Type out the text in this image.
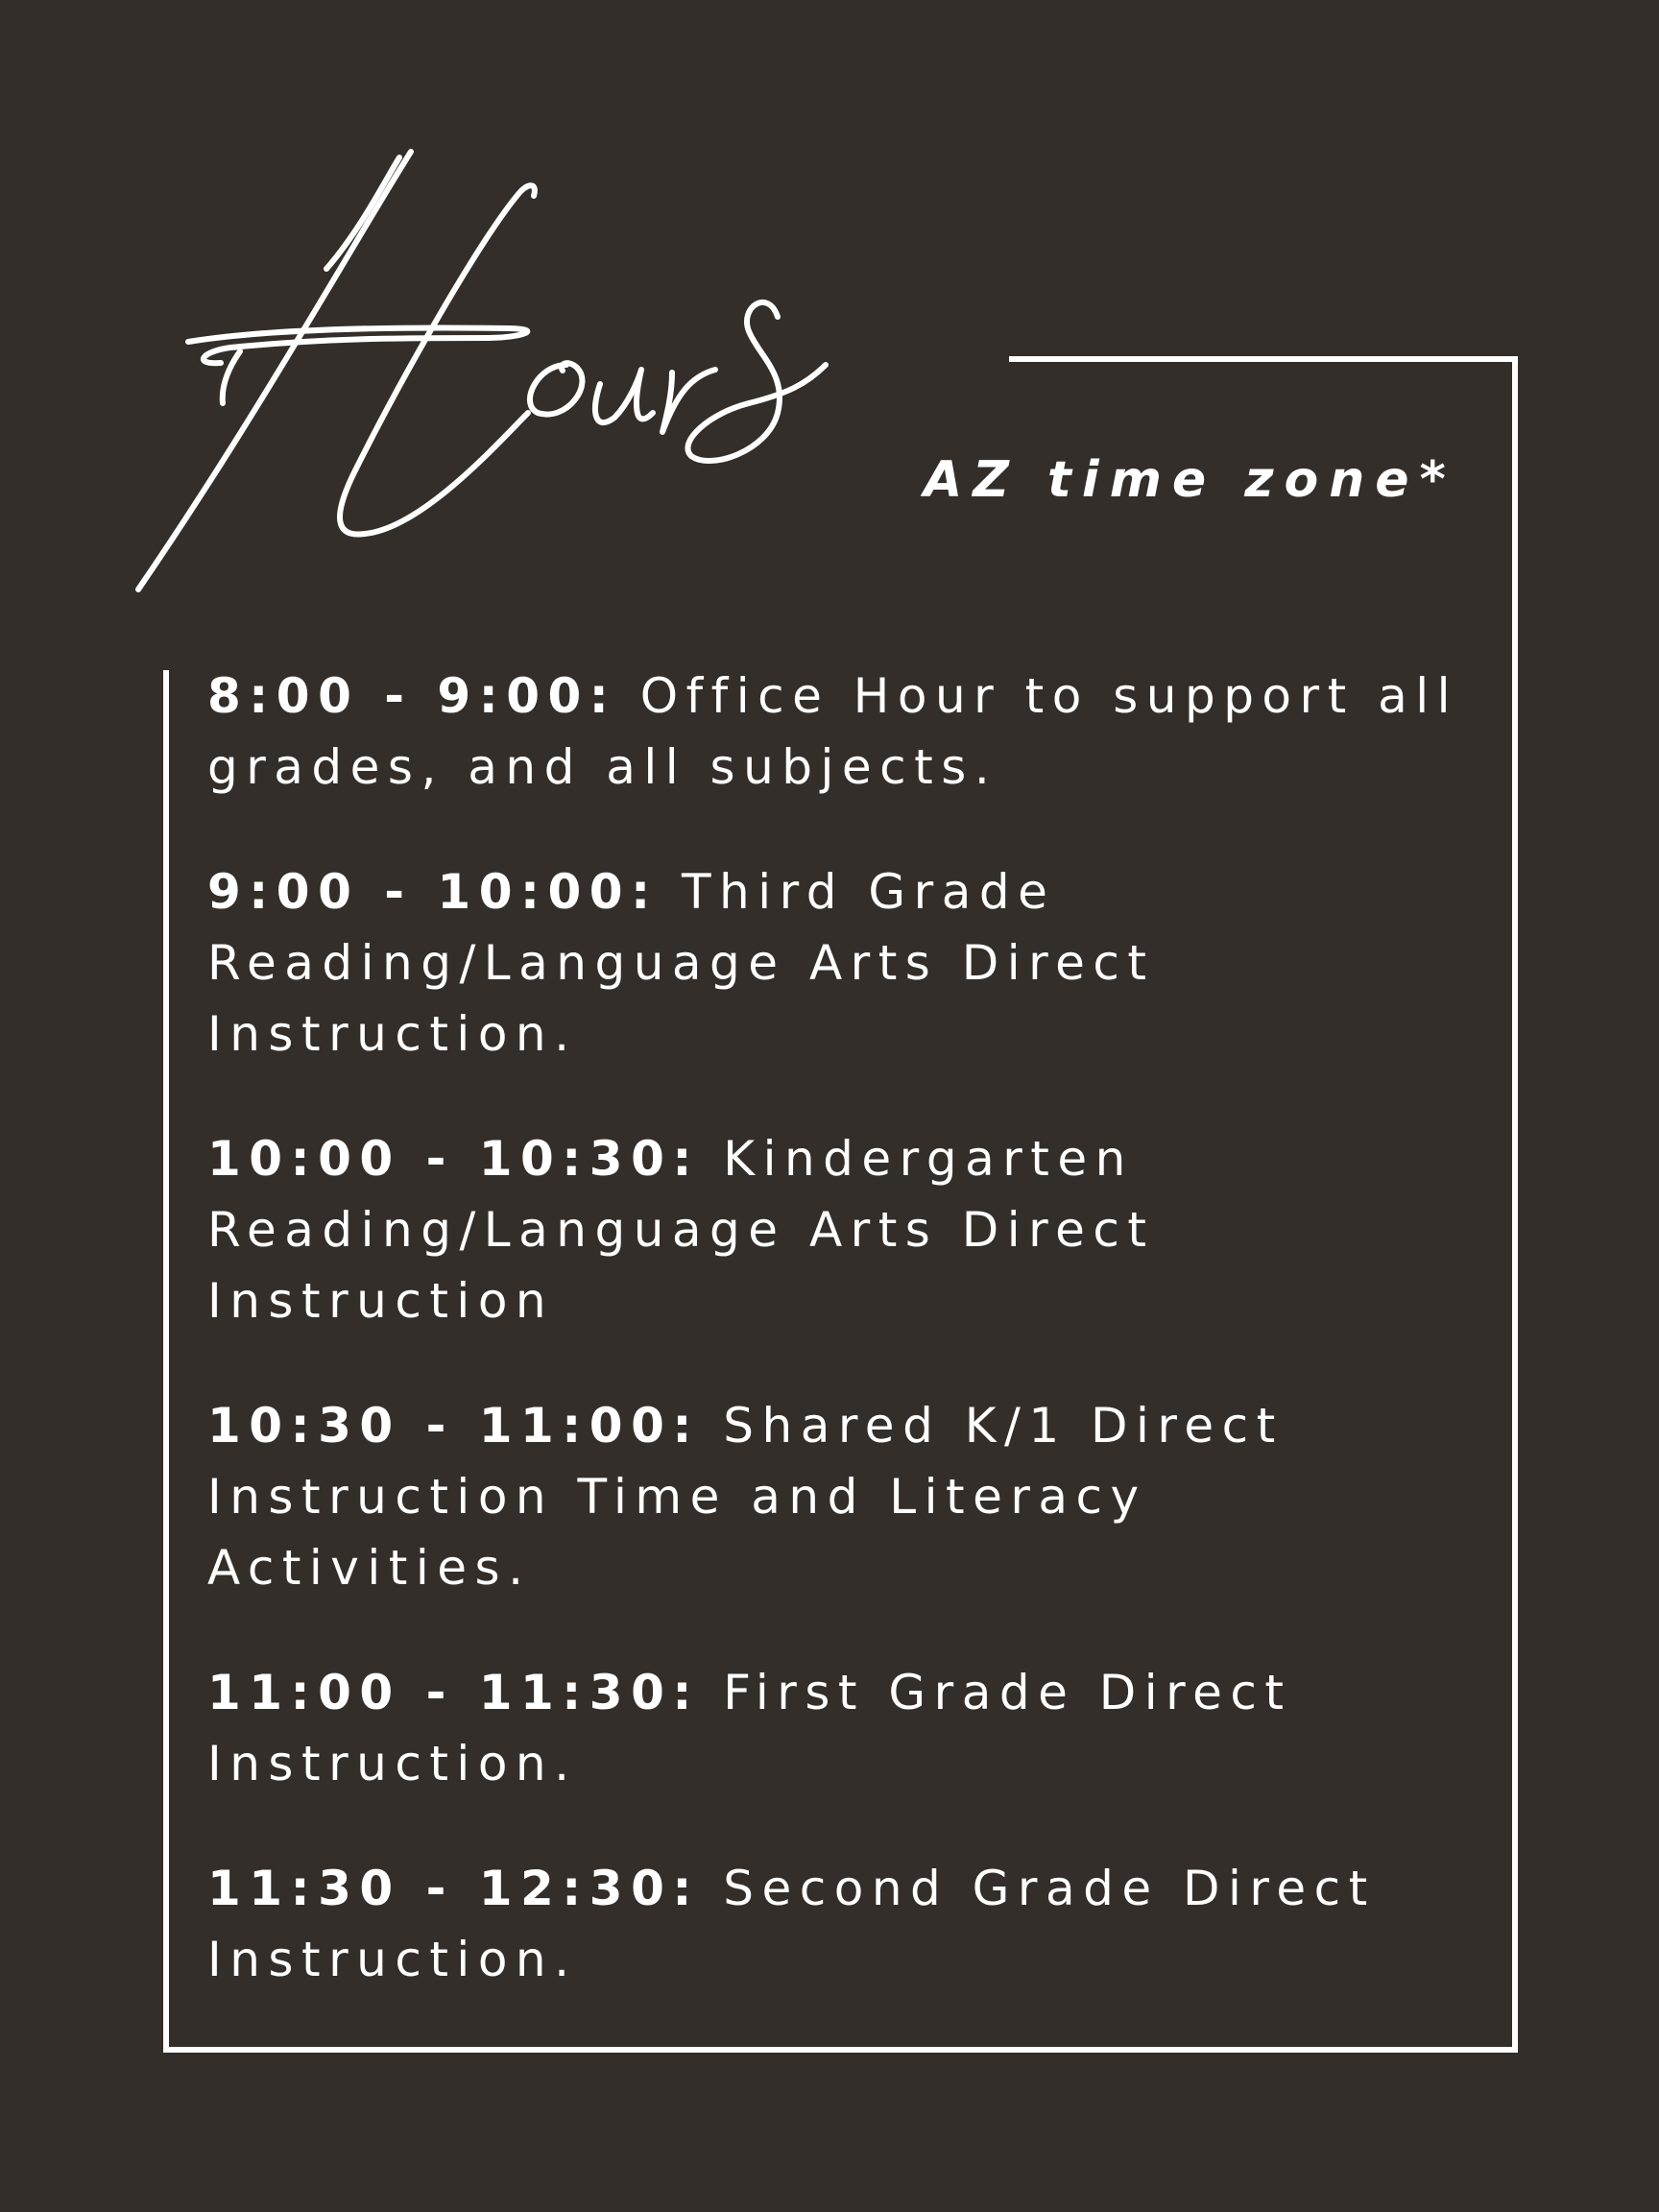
AZ time zone*

8:00 - 9:00: Office Hour to support all grades, and all subjects.

9:00 - 10:00: Third Grade Reading/Language Arts Direct Instruction.

10:00 - 10:30: Kindergarten Reading/Language Arts Direct Instruction

10:30 - 11:00: Shared K/1 Direct Instruction Time and Literacy Activities.

11:00 - 11:30: First Grade Direct Instruction.

11:30 - 12:30: Second Grade Direct Instruction.
